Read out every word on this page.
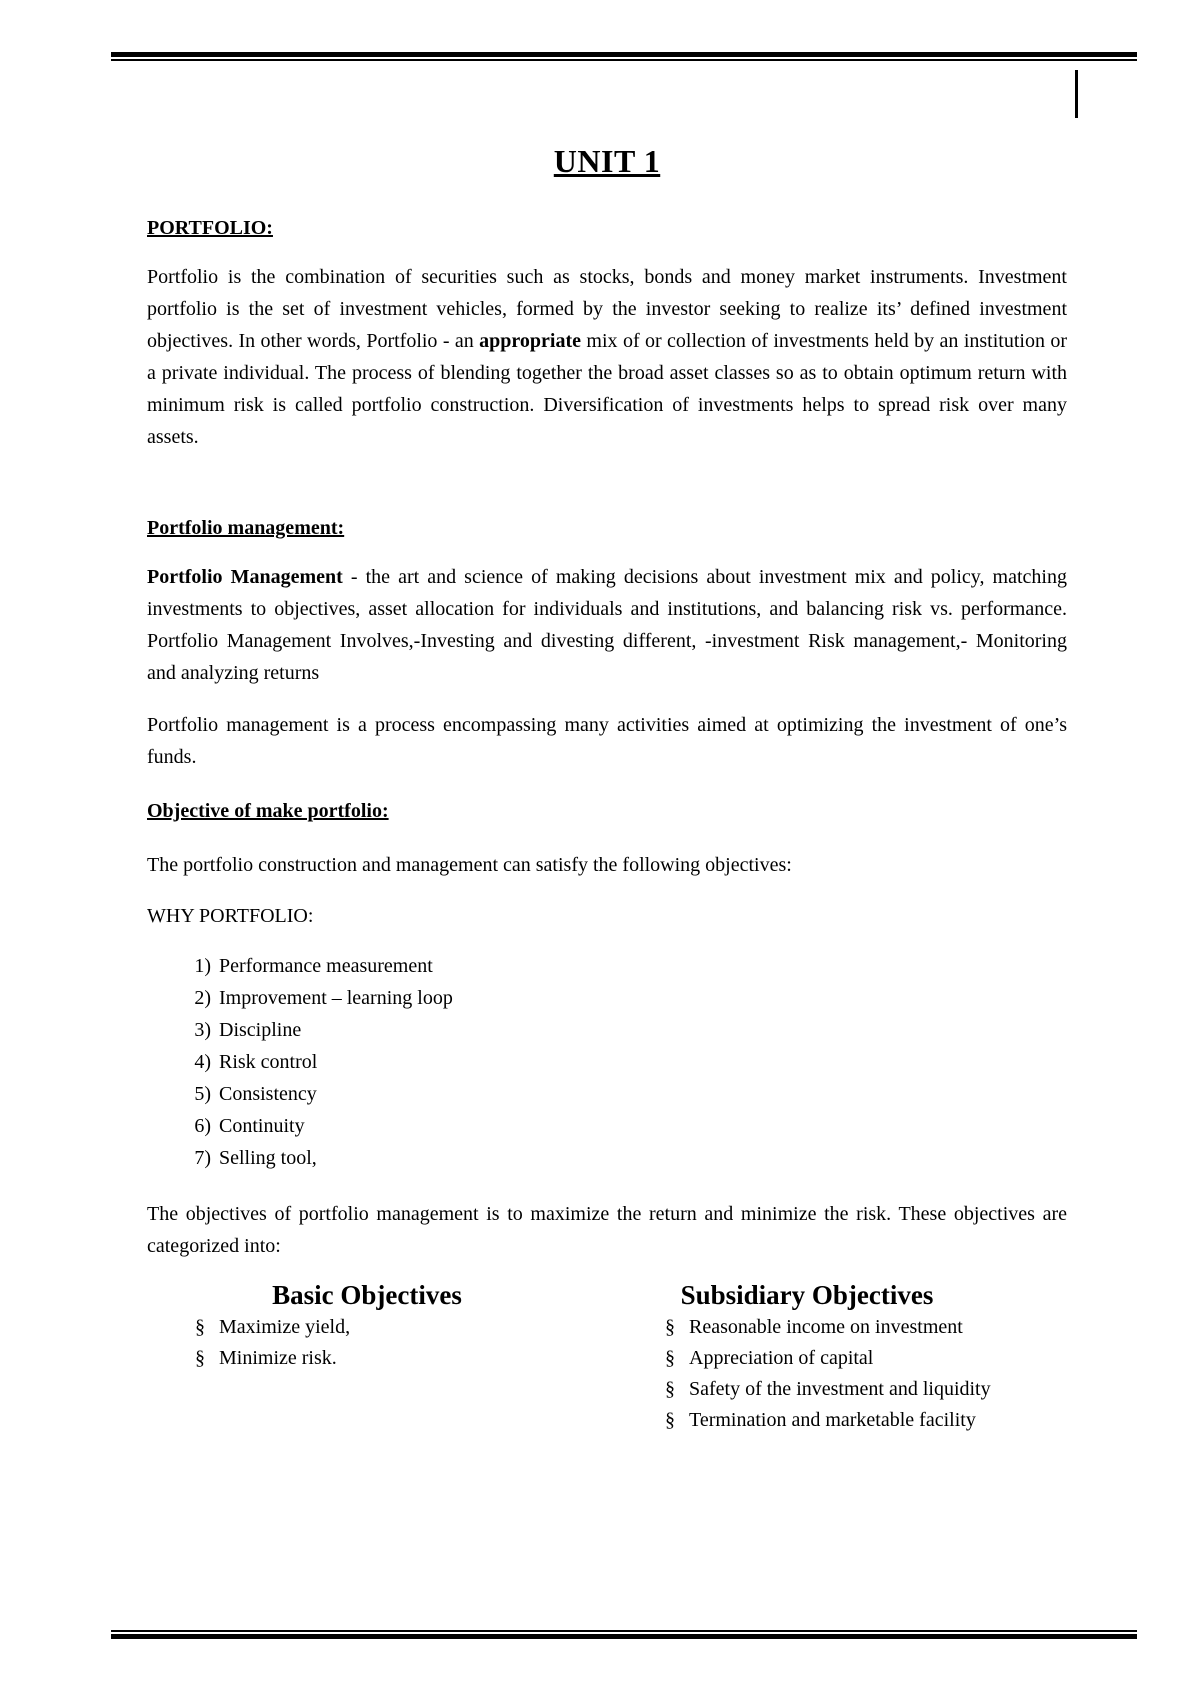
UNIT 1
PORTFOLIO:

Portfolio is the combination of securities such as stocks, bonds and money market instruments. Investment portfolio is the set of investment vehicles, formed by the investor seeking to realize its’ defined investment objectives. In other words, Portfolio - an appropriate mix of or collection of investments held by an institution or a private individual. The process of blending together the broad asset classes so as to obtain optimum return with minimum risk is called portfolio construction. Diversification of investments helps to spread risk over many assets.

Portfolio management:

Portfolio Management - the art and science of making decisions about investment mix and policy, matching investments to objectives, asset allocation for individuals and institutions, and balancing risk vs. performance. Portfolio Management Involves,-Investing and divesting different, -investment Risk management,- Monitoring and analyzing returns

Portfolio management is a process encompassing many activities aimed at optimizing the investment of one’s funds.

Objective of make portfolio:

The portfolio construction and management can satisfy the following objectives:

WHY PORTFOLIO:

1) Performance measurement
2) Improvement – learning loop
3) Discipline
4) Risk control
5) Consistency
6) Continuity
7) Selling tool,

The objectives of portfolio management is to maximize the return and minimize the risk. These objectives are categorized into:

Basic Objectives
§ Maximize yield,
§ Minimize risk.
Subsidiary Objectives
§ Reasonable income on investment
§ Appreciation of capital
§ Safety of the investment and liquidity
§ Termination and marketable facility
